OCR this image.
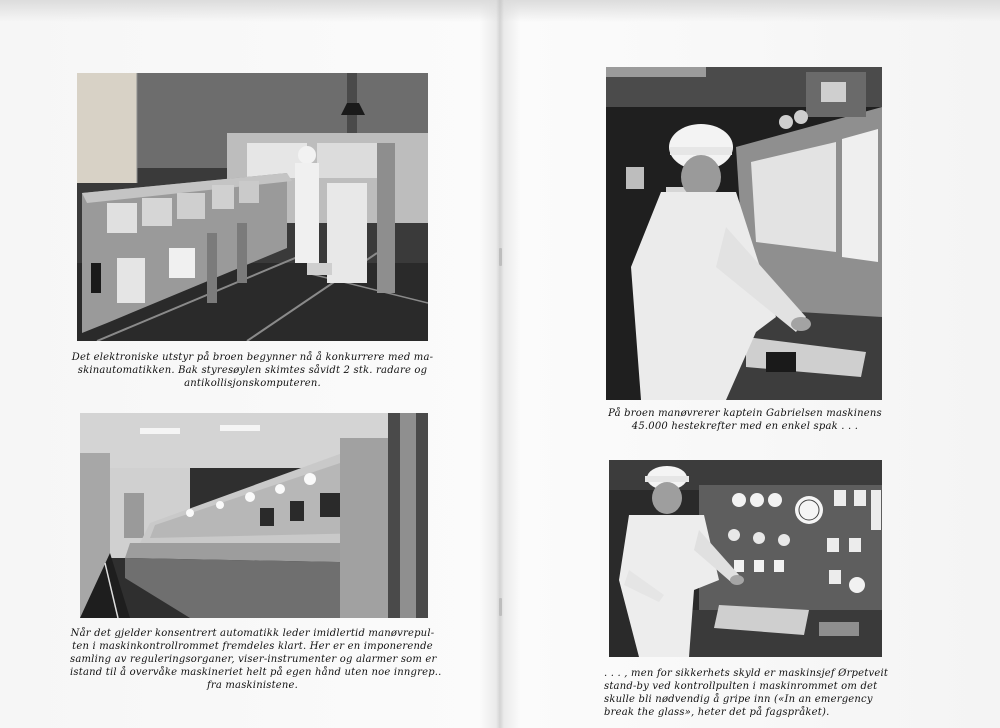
Det elektroniske utstyr på broen begynner nå å konkurrere med ma-
skinautomatikken. Bak styresøylen skimtes såvidt 2 stk. radare og
antikollisjonskomputeren.
Når det gjelder konsentrert automatikk leder imidlertid manøvrepul-
ten i maskinkontrollrommet fremdeles klart. Her er en imponerende
samling av reguleringsorganer, viser-instrumenter og alarmer som er
istand til å overvåke maskineriet helt på egen hånd uten noe inngrep..
fra maskinistene.
På broen manøvrerer kaptein Gabrielsen maskinens
45.000 hestekrefter med en enkel spak . . .
. . . , men for sikkerhets skyld er maskinsjef Ørpetveit
stand-by ved kontrollpulten i maskinrommet om det
skulle bli nødvendig å gripe inn («In an emergency
break the glass», heter det på fagspråket).
